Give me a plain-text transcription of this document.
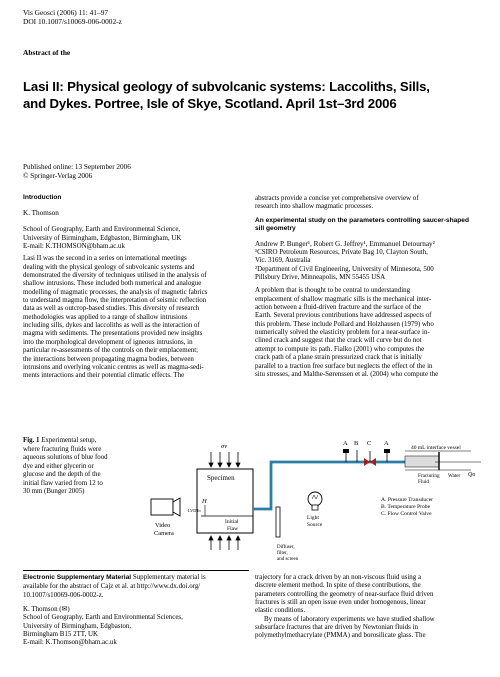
Vis Geosci (2006) 11: 41–97
DOI 10.1007/s10069-006-0002-z
Abstract of the
Lasi II: Physical geology of subvolcanic systems: Laccoliths, Sills,
and Dykes. Portree, Isle of Skye, Scotland. April 1st–3rd 2006
Published online: 13 September 2006
© Springer-Verlag 2006
Introduction
K. Thomson
School of Geography, Earth and Environmental Science,
University of Birmingham, Edgbaston, Birmingham, UK
E-mail: K.THOMSON@bham.ac.uk

Lasi II was the second in a series on international meetings

dealing with the physical geology of subvolcanic systems and

demonstrated the diversity of techniques utilised in the analysis of

shallow intrusions. These included both numerical and analogue

modelling of magmatic processes, the analysis of magnetic fabrics

to understand magma flow, the interpretation of seismic reflection

data as well as outcrop-based studies. This diversity of research

methodologies was applied to a range of shallow intrusions

including sills, dykes and laccoliths as well as the interaction of

magma with sediments. The presentations provided new insights

into the morphological development of igneous intrusions, in

particular re-assessments of the controls on their emplacement;

the interactions between propagating magma bodies, between

intrusions and overlying volcanic centres as well as magma-sedi-

ments interactions and their potential climatic effects. The

abstracts provide a concise yet comprehensive overview of

research into shallow magmatic processes.

An experimental study on the parameters controlling saucer-shaped
sill geometry
Andrew P. Bunger¹, Robert G. Jeffrey¹, Emmanuel Detournay²
¹CSIRO Petroleum Resources, Private Bag 10, Clayton South,
Vic. 3169, Australia
²Department of Civil Engineering, University of Minnesota, 500
Pillsbury Drive, Minneapolis, MN 55455 USA

A problem that is thought to be central to understanding

emplacement of shallow magmatic sills is the mechanical inter-

action between a fluid-driven fracture and the surface of the

Earth. Several previous contributions have addressed aspects of

this problem. These include Pollard and Holzhausen (1979) who

numerically solved the elasticity problem for a near-surface in-

clined crack and suggest that the crack will curve but do not

attempt to compute its path. Fialko (2001) who computes the

crack path of a plane strain pressurized crack that is initially

parallel to a traction free surface but neglects the effect of the in

situ stresses, and Malthe-Sørenssen et al. (2004) who compute the

Fig. 1 Experimental setup,
where fracturing fluids were
aqueous solutions of blue food
dye and either glycerin or
glucose and the depth of the
initial flaw varied from 12 to
30 mm (Bunger 2005)
σv
Specimen
H
LVDT
Initial
Flaw
Video
Camera
Diffuser,
filter,
and screen
Light
Source
A B C A
40 mL interface vessel
Fracturing
Fluid
Water Qo
A. Pressure Transducer
B. Temperature Probe
C. Flow Control Valve
Electronic Supplementary Material Supplementary material is
available for the abstract of Cajz et al. at http://www.dx.doi.org/
10.1007/s10069-006-0002-z.
K. Thomson (✉)
School of Geography, Earth and Environmental Sciences,
University of Birmingham, Edgbaston,
Birmingham B15 2TT, UK
E-mail: K.Thomson@bham.ac.uk

trajectory for a crack driven by an non-viscous fluid using a

discrete element method. In spite of these contributions, the

parameters controlling the geometry of near-surface fluid driven

fractures is still an open issue even under homogenous, linear

elastic conditions.

By means of laboratory experiments we have studied shallow

subsurface fractures that are driven by Newtonian fluids in

polymethylmethacrylate (PMMA) and borosilicate glass. The
